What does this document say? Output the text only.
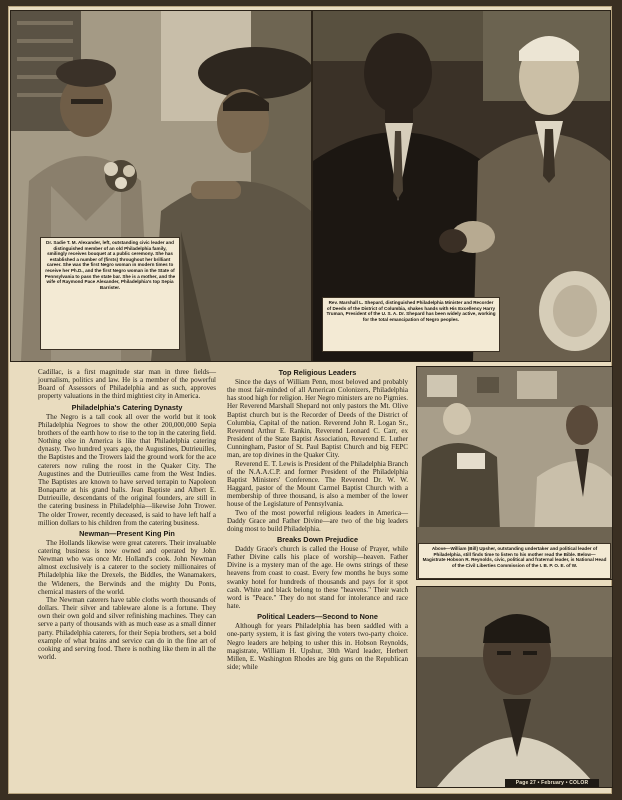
Dr. Sadie T. M. Alexander, left, outstanding civic leader and distinguished member of an old Philadelphia family, smilingly receives bouquet at a public ceremony. She has established a number of (firsts) throughout her brilliant career. She was the first Negro woman in modern times to receive her Ph.D., and the first Negro woman in the State of Pennsylvania to pass the state bar. She is a mother, and the wife of Raymond Pace Alexander, Philadelphia's top Sepia Barrister.
Rev. Marshall L. Shepard, distinguished Philadelphia Minister and Recorder of Deeds of the District of Columbia, shakes hands with His Excellency Harry Truman, President of the U. S. A. Dr. Shepard has been widely active, working for the total emancipation of Negro peoples.
Above—William (Bill) Upsher, outstanding undertaker and political leader of Philadelphia, still finds time to listen to his mother read the Bible. Below—Magistrate Hobson R. Reynolds, civic, political and fraternal leader, is National Head of the Civil Liberties Commission of the I. B. P. O. E. of W.
Page 27 • February • COLOR

Cadillac, is a first magnitude star man in three fields—journalism, politics and law. He is a member of the powerful Board of Assessors of Philadelphia and as such, approves property valuations in the third mightiest city in America.

Philadelphia's Catering Dynasty

The Negro is a tall cook all over the world but it took Philadelphia Negroes to show the other 200,000,000 Sepia brothers of the earth how to rise to the top in the catering field. Nothing else in America is like that Philadelphia catering dynasty. Two hundred years ago, the Augustines, Dutrieuilles, the Baptistes and the Trowers laid the ground work for the ace caterers now ruling the roost in the Quaker City. The Augustines and the Dutrieuilles came from the West Indies. The Baptistes are known to have served terrapin to Napoleon Bonaparte at his grand balls. Jean Baptiste and Albert E. Dutrieuille, descendants of the original founders, are still in the catering business in Philadelphia—likewise John Trower. The older Trower, recently deceased, is said to have left half a million dollars to his children from the catering business.

Newman—Present King Pin

The Hollands likewise were great caterers. Their invaluable catering business is now owned and operated by John Newman who was once Mr. Holland's cook. John Newman almost exclusively is a caterer to the society millionaires of Philadelphia like the Drexels, the Biddles, the Wanamakers, the Wideners, the Berwinds and the mighty Du Ponts, chemical masters of the world.

The Newman caterers have table cloths worth thousands of dollars. Their silver and tableware alone is a fortune. They own their own gold and silver refinishing machines. They can serve a party of thousands with as much ease as a small dinner party. Philadelphia caterers, for their Sepia brothers, set a bold example of what brains and service can do in the fine art of cooking and serving food. There is nothing like them in all the world.

Top Religious Leaders

Since the days of William Penn, most beloved and probably the most fair-minded of all American Colonizers, Philadelphia has stood high for religion. Her Negro ministers are no Pigmies. Her Reverend Marshall Shepard not only pastors the Mt. Olive Baptist church but is the Recorder of Deeds of the District of Columbia, Capital of the nation. Reverend John R. Logan Sr., Reverend Arthur E. Rankin, Reverend Leonard C. Carr, ex President of the State Baptist Association, Reverend E. Luther Cunningham, Pastor of St. Paul Baptist Church and big FEPC man, are top divines in the Quaker City.

Reverend E. T. Lewis is President of the Philadelphia Branch of the N.A.A.C.P. and former President of the Philadelphia Baptist Ministers' Conference. The Reverend Dr. W. W. Haggard, pastor of the Mount Carmel Baptist Church with a membership of three thousand, is also a member of the lower house of the Legislature of Pennsylvania.

Two of the most powerful religious leaders in America—Daddy Grace and Father Divine—are two of the big leaders doing most to build Philadelphia.

Breaks Down Prejudice

Daddy Grace's church is called the House of Prayer, while Father Divine calls his place of worship—heaven. Father Divine is a mystery man of the age. He owns strings of these heavens from coast to coast. Every few months he buys some swanky hotel for hundreds of thousands and pays for it spot cash. White and black belong to these "heavens." Their watch word is "Peace." They do not stand for intolerance and race hate.

Political Leaders—Second to None

Although for years Philadelphia has been saddled with a one-party system, it is fast giving the voters two-party choice. Negro leaders are helping to usher this in. Hobson Reynolds, magistrate, William H. Upshur, 30th Ward leader, Herbert Millen, E. Washington Rhodes are big guns on the Republican side; while
